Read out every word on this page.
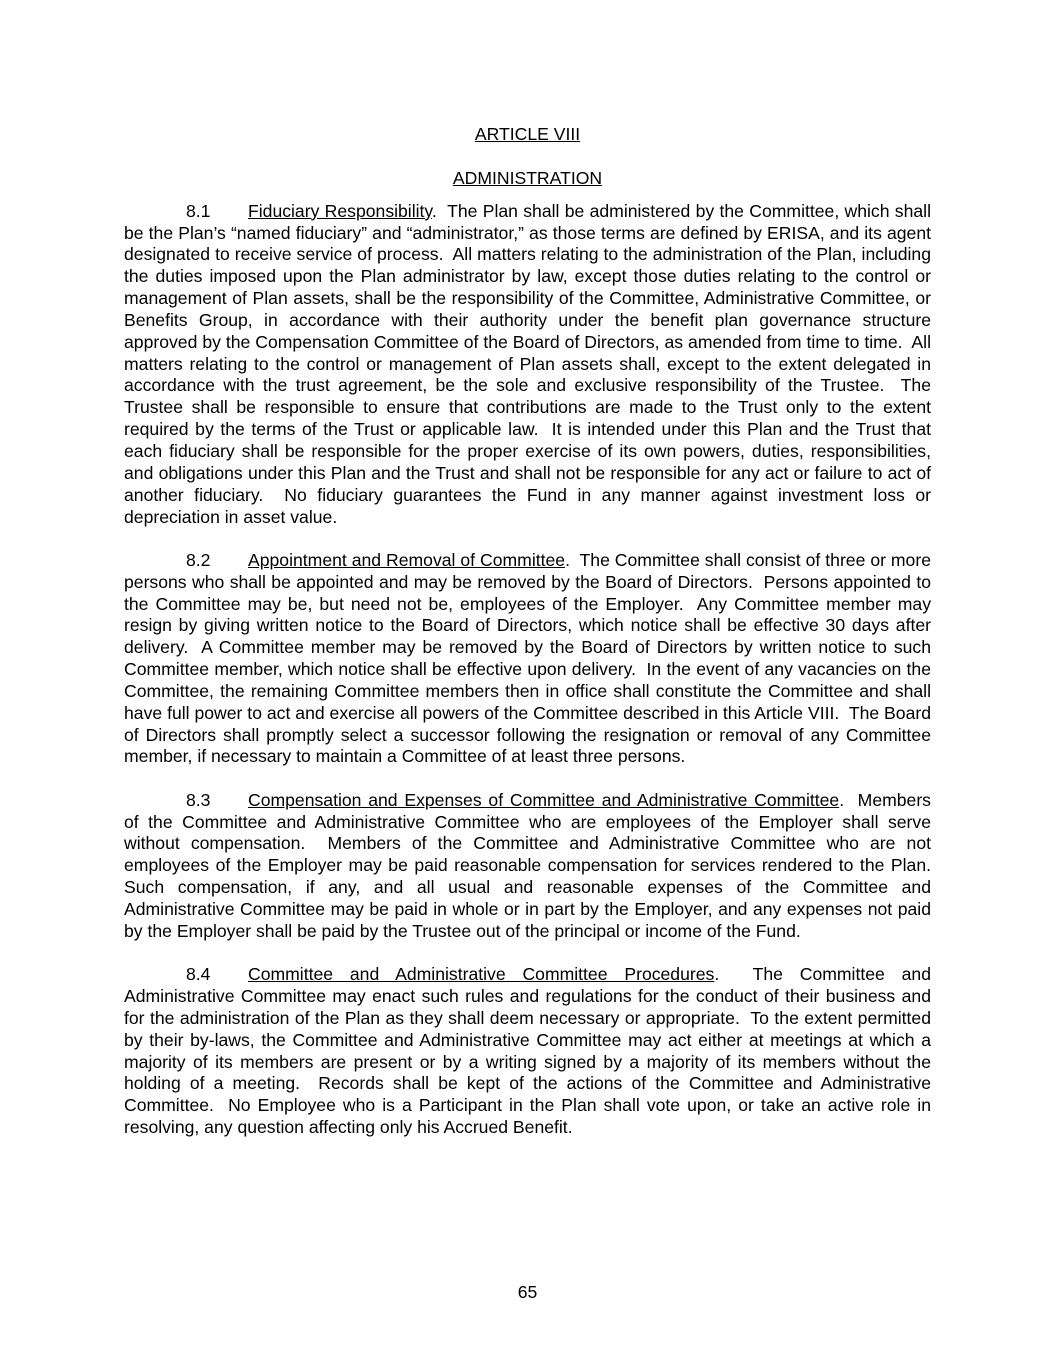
ARTICLE VIII

ADMINISTRATION

8.1 Fiduciary Responsibility.  The Plan shall be administered by the Committee, which shall be the Plan’s “named fiduciary” and “administrator,” as those terms are defined by ERISA, and its agent designated to receive service of process.  All matters relating to the administration of the Plan, including the duties imposed upon the Plan administrator by law, except those duties relating to the control or management of Plan assets, shall be the responsibility of the Committee, Administrative Committee, or Benefits Group, in accordance with their authority under the benefit plan governance structure approved by the Compensation Committee of the Board of Directors, as amended from time to time.  All matters relating to the control or management of Plan assets shall, except to the extent delegated in accordance with the trust agreement, be the sole and exclusive responsibility of the Trustee.  The Trustee shall be responsible to ensure that contributions are made to the Trust only to the extent required by the terms of the Trust or applicable law.  It is intended under this Plan and the Trust that each fiduciary shall be responsible for the proper exercise of its own powers, duties, responsibilities, and obligations under this Plan and the Trust and shall not be responsible for any act or failure to act of another fiduciary.  No fiduciary guarantees the Fund in any manner against investment loss or depreciation in asset value.

8.2 Appointment and Removal of Committee.  The Committee shall consist of three or more persons who shall be appointed and may be removed by the Board of Directors.  Persons appointed to the Committee may be, but need not be, employees of the Employer.  Any Committee member may resign by giving written notice to the Board of Directors, which notice shall be effective 30 days after delivery.  A Committee member may be removed by the Board of Directors by written notice to such Committee member, which notice shall be effective upon delivery.  In the event of any vacancies on the Committee, the remaining Committee members then in office shall constitute the Committee and shall have full power to act and exercise all powers of the Committee described in this Article VIII.  The Board of Directors shall promptly select a successor following the resignation or removal of any Committee member, if necessary to maintain a Committee of at least three persons.

8.3 Compensation and Expenses of Committee and Administrative Committee.  Members of the Committee and Administrative Committee who are employees of the Employer shall serve without compensation.  Members of the Committee and Administrative Committee who are not employees of the Employer may be paid reasonable compensation for services rendered to the Plan.  Such compensation, if any, and all usual and reasonable expenses of the Committee and Administrative Committee may be paid in whole or in part by the Employer, and any expenses not paid by the Employer shall be paid by the Trustee out of the principal or income of the Fund.

8.4 Committee and Administrative Committee Procedures.  The Committee and Administrative Committee may enact such rules and regulations for the conduct of their business and for the administration of the Plan as they shall deem necessary or appropriate.  To the extent permitted by their by-laws, the Committee and Administrative Committee may act either at meetings at which a majority of its members are present or by a writing signed by a majority of its members without the holding of a meeting.  Records shall be kept of the actions of the Committee and Administrative Committee.  No Employee who is a Participant in the Plan shall vote upon, or take an active role in resolving, any question affecting only his Accrued Benefit.

65
